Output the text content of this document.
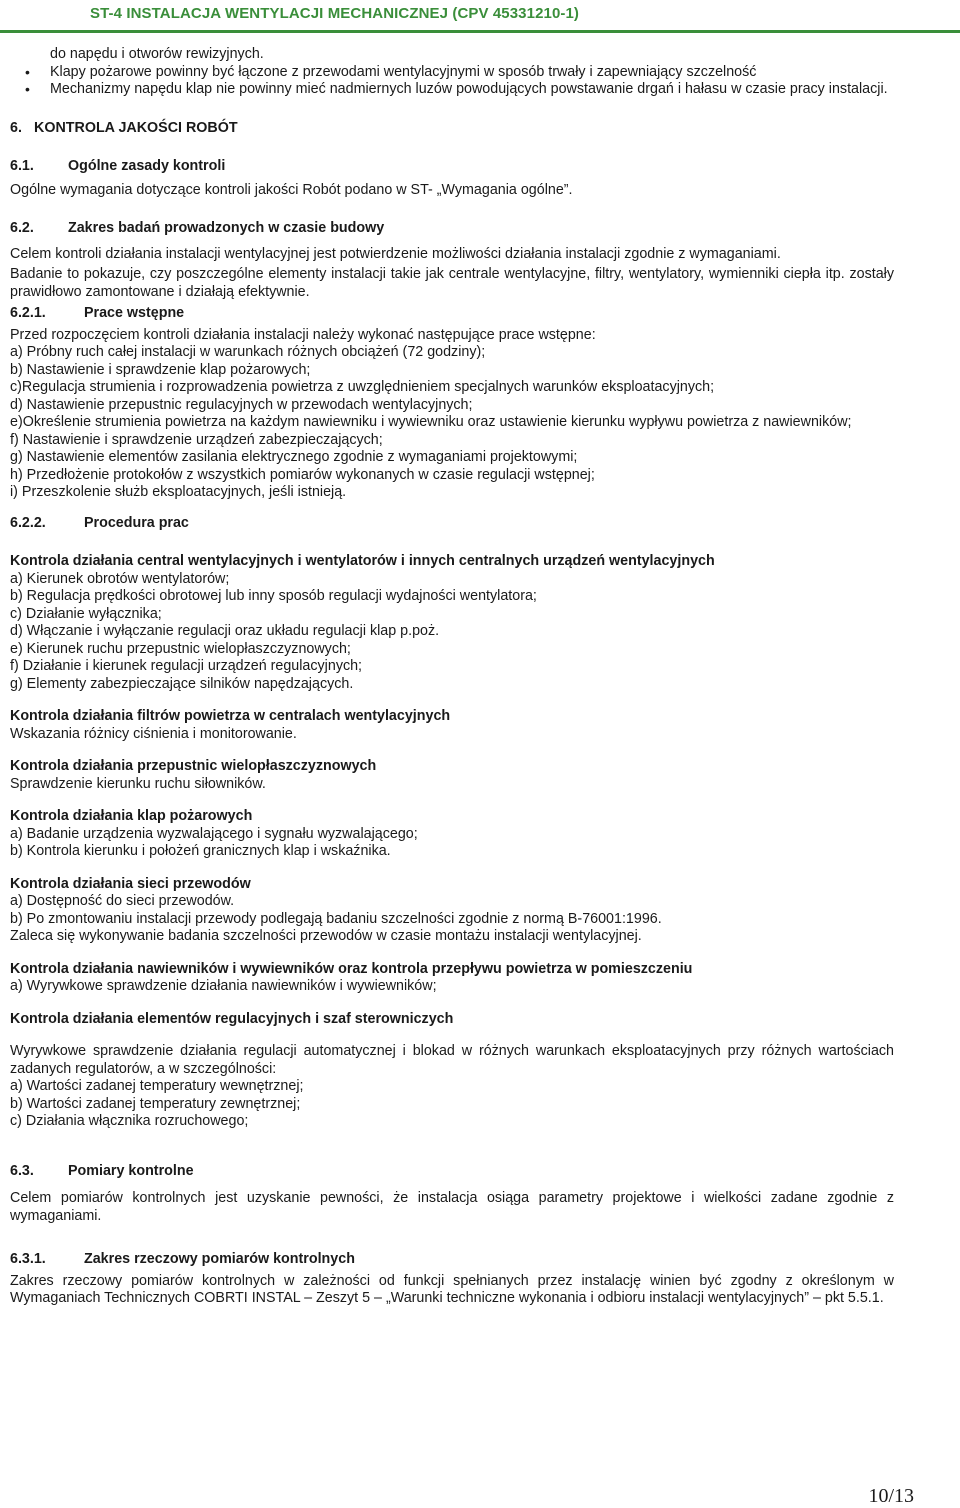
ST-4 INSTALACJA WENTYLACJI MECHANICZNEJ (CPV 45331210-1)

do napędu i otworów rewizyjnych.

• Klapy pożarowe powinny być łączone z przewodami wentylacyjnymi w sposób trwały i zapewniający szczelność
• Mechanizmy napędu klap nie powinny mieć nadmiernych luzów powodujących powstawanie drgań i hałasu w czasie pracy instalacji.

6. KONTROLA JAKOŚCI ROBÓT

6.1. Ogólne zasady kontroli

Ogólne wymagania dotyczące kontroli jakości Robót podano w ST- „Wymagania ogólne”.

6.2. Zakres badań prowadzonych w czasie budowy

Celem kontroli działania instalacji wentylacyjnej jest potwierdzenie możliwości działania instalacji zgodnie z wymaganiami.

Badanie to pokazuje, czy poszczególne elementy instalacji takie jak centrale wentylacyjne, filtry, wentylatory, wymienniki ciepła itp. zostały prawidłowo zamontowane i działają efektywnie.

6.2.1.	Prace wstępne

Przed rozpoczęciem kontroli działania instalacji należy wykonać następujące prace wstępne:

a) Próbny ruch całej instalacji w warunkach różnych obciążeń (72 godziny);

b) Nastawienie i sprawdzenie klap pożarowych;

c)Regulacja strumienia i rozprowadzenia powietrza z uwzględnieniem specjalnych warunków eksploatacyjnych;

d) Nastawienie przepustnic regulacyjnych w przewodach wentylacyjnych;

e)Określenie strumienia powietrza na każdym nawiewniku i wywiewniku oraz ustawienie kierunku wypływu powietrza z nawiewników;

f) Nastawienie i sprawdzenie urządzeń zabezpieczających;

g) Nastawienie elementów zasilania elektrycznego zgodnie z wymaganiami projektowymi;

h) Przedłożenie protokołów z wszystkich pomiarów wykonanych w czasie regulacji wstępnej;

i) Przeszkolenie służb eksploatacyjnych, jeśli istnieją.

6.2.2.	Procedura prac

Kontrola działania central wentylacyjnych i wentylatorów i innych centralnych urządzeń wentylacyjnych

a) Kierunek obrotów wentylatorów;

b) Regulacja prędkości obrotowej lub inny sposób regulacji wydajności wentylatora;

c) Działanie wyłącznika;

d) Włączanie i wyłączanie regulacji oraz układu regulacji klap p.poż.

e) Kierunek ruchu przepustnic wielopłaszczyznowych;

f) Działanie i kierunek regulacji urządzeń regulacyjnych;

g) Elementy zabezpieczające silników napędzających.

Kontrola działania filtrów powietrza w centralach wentylacyjnych

Wskazania różnicy ciśnienia i monitorowanie.

Kontrola działania przepustnic wielopłaszczyznowych

Sprawdzenie kierunku ruchu siłowników.

Kontrola działania klap pożarowych

a) Badanie urządzenia wyzwalającego i sygnału wyzwalającego;

b) Kontrola kierunku i położeń granicznych klap i wskaźnika.

Kontrola działania sieci przewodów

a) Dostępność do sieci przewodów.

b) Po zmontowaniu instalacji przewody podlegają badaniu szczelności zgodnie z normą B-76001:1996.

Zaleca się wykonywanie badania szczelności przewodów w czasie montażu instalacji wentylacyjnej.

Kontrola działania nawiewników i wywiewników oraz kontrola przepływu powietrza w pomieszczeniu

a) Wyrywkowe sprawdzenie działania nawiewników i wywiewników;

Kontrola działania elementów regulacyjnych i szaf sterowniczych

Wyrywkowe sprawdzenie działania regulacji automatycznej i blokad w różnych warunkach eksploatacyjnych przy różnych wartościach zadanych regulatorów, a w szczególności:

a) Wartości zadanej temperatury wewnętrznej;

b) Wartości zadanej temperatury zewnętrznej;

c) Działania włącznika rozruchowego;

6.3. Pomiary kontrolne

Celem pomiarów kontrolnych jest uzyskanie pewności, że instalacja osiąga parametry projektowe i wielkości zadane zgodnie z wymaganiami.

6.3.1.	Zakres rzeczowy pomiarów kontrolnych

Zakres rzeczowy pomiarów kontrolnych w zależności od funkcji spełnianych przez instalację winien być zgodny z określonym w Wymaganiach Technicznych COBRTI INSTAL – Zeszyt 5 – „Warunki techniczne wykonania i odbioru instalacji wentylacyjnych” – pkt 5.5.1.

10/13
